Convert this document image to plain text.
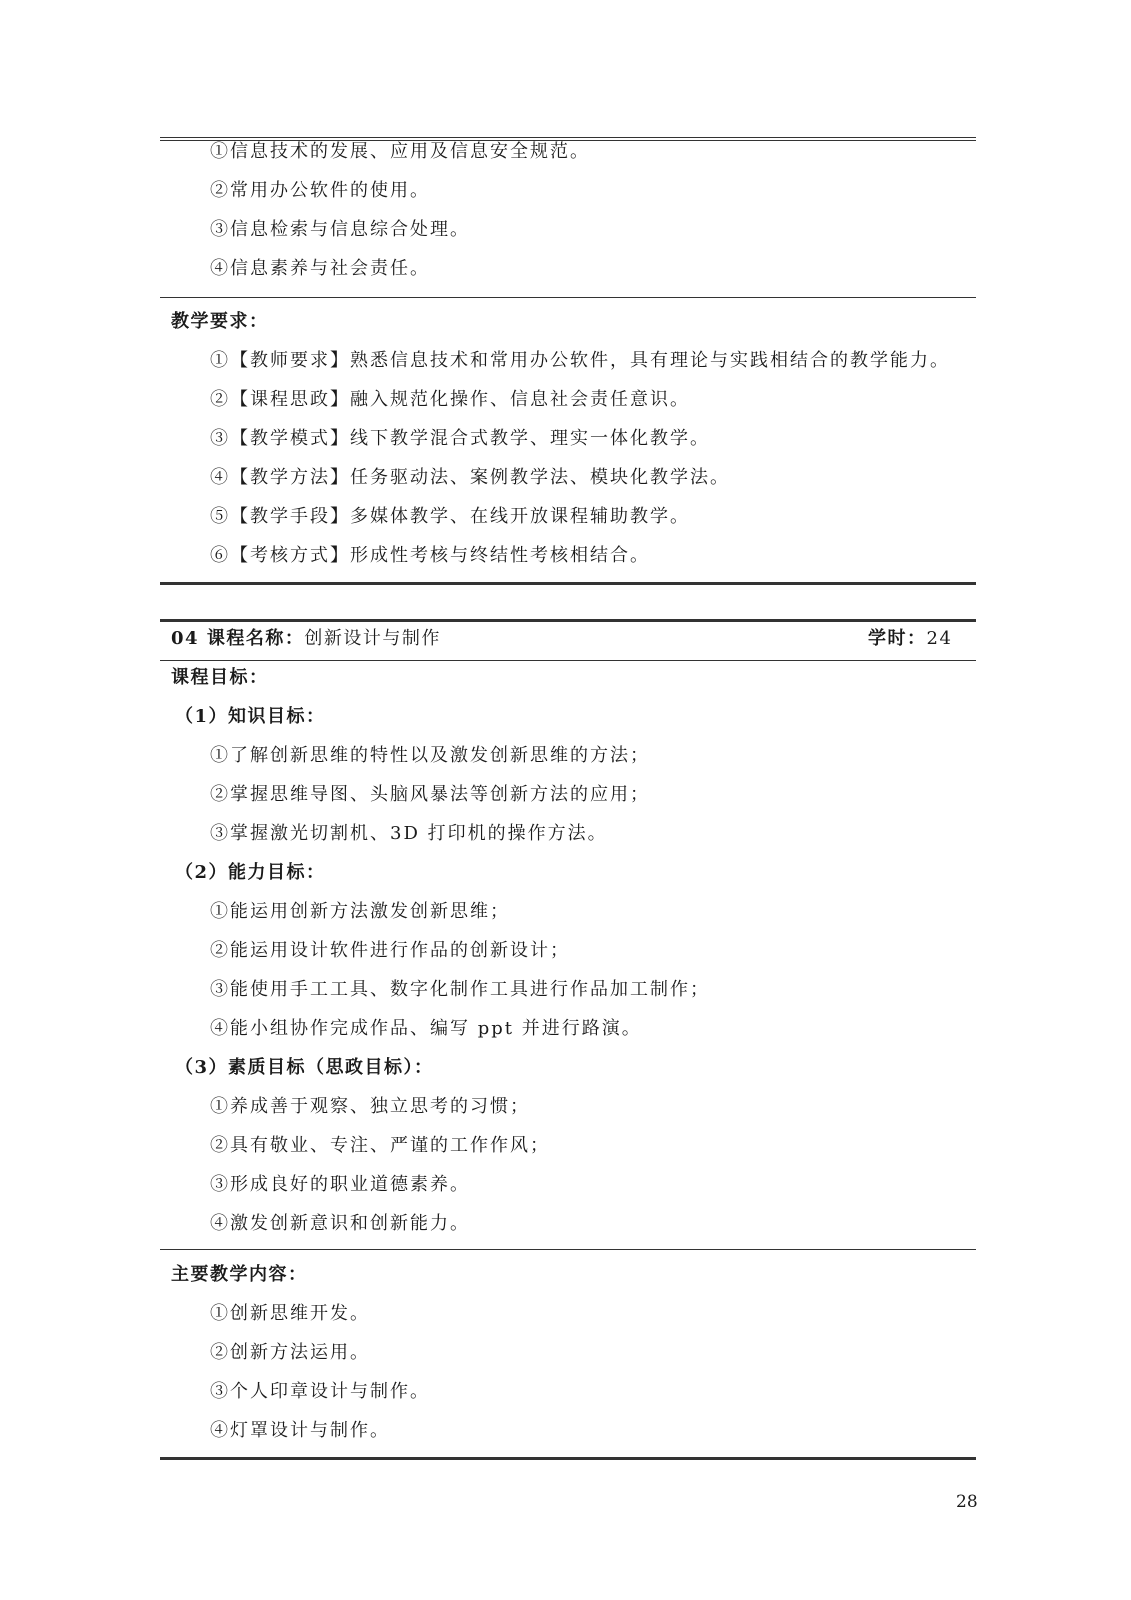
①信息技术的发展、应用及信息安全规范。
②常用办公软件的使用。
③信息检索与信息综合处理。
④信息素养与社会责任。
教学要求：
①【教师要求】熟悉信息技术和常用办公软件，具有理论与实践相结合的教学能力。
②【课程思政】融入规范化操作、信息社会责任意识。
③【教学模式】线下教学混合式教学、理实一体化教学。
④【教学方法】任务驱动法、案例教学法、模块化教学法。
⑤【教学手段】多媒体教学、在线开放课程辅助教学。
⑥【考核方式】形成性考核与终结性考核相结合。
04 课程名称：创新设计与制作	学时：24
课程目标：
（1）知识目标：
①了解创新思维的特性以及激发创新思维的方法；
②掌握思维导图、头脑风暴法等创新方法的应用；
③掌握激光切割机、3D 打印机的操作方法。
（2）能力目标：
①能运用创新方法激发创新思维；
②能运用设计软件进行作品的创新设计；
③能使用手工工具、数字化制作工具进行作品加工制作；
④能小组协作完成作品、编写 ppt 并进行路演。
（3）素质目标（思政目标）：
①养成善于观察、独立思考的习惯；
②具有敬业、专注、严谨的工作作风；
③形成良好的职业道德素养。
④激发创新意识和创新能力。
主要教学内容：
①创新思维开发。
②创新方法运用。
③个人印章设计与制作。
④灯罩设计与制作。
28
